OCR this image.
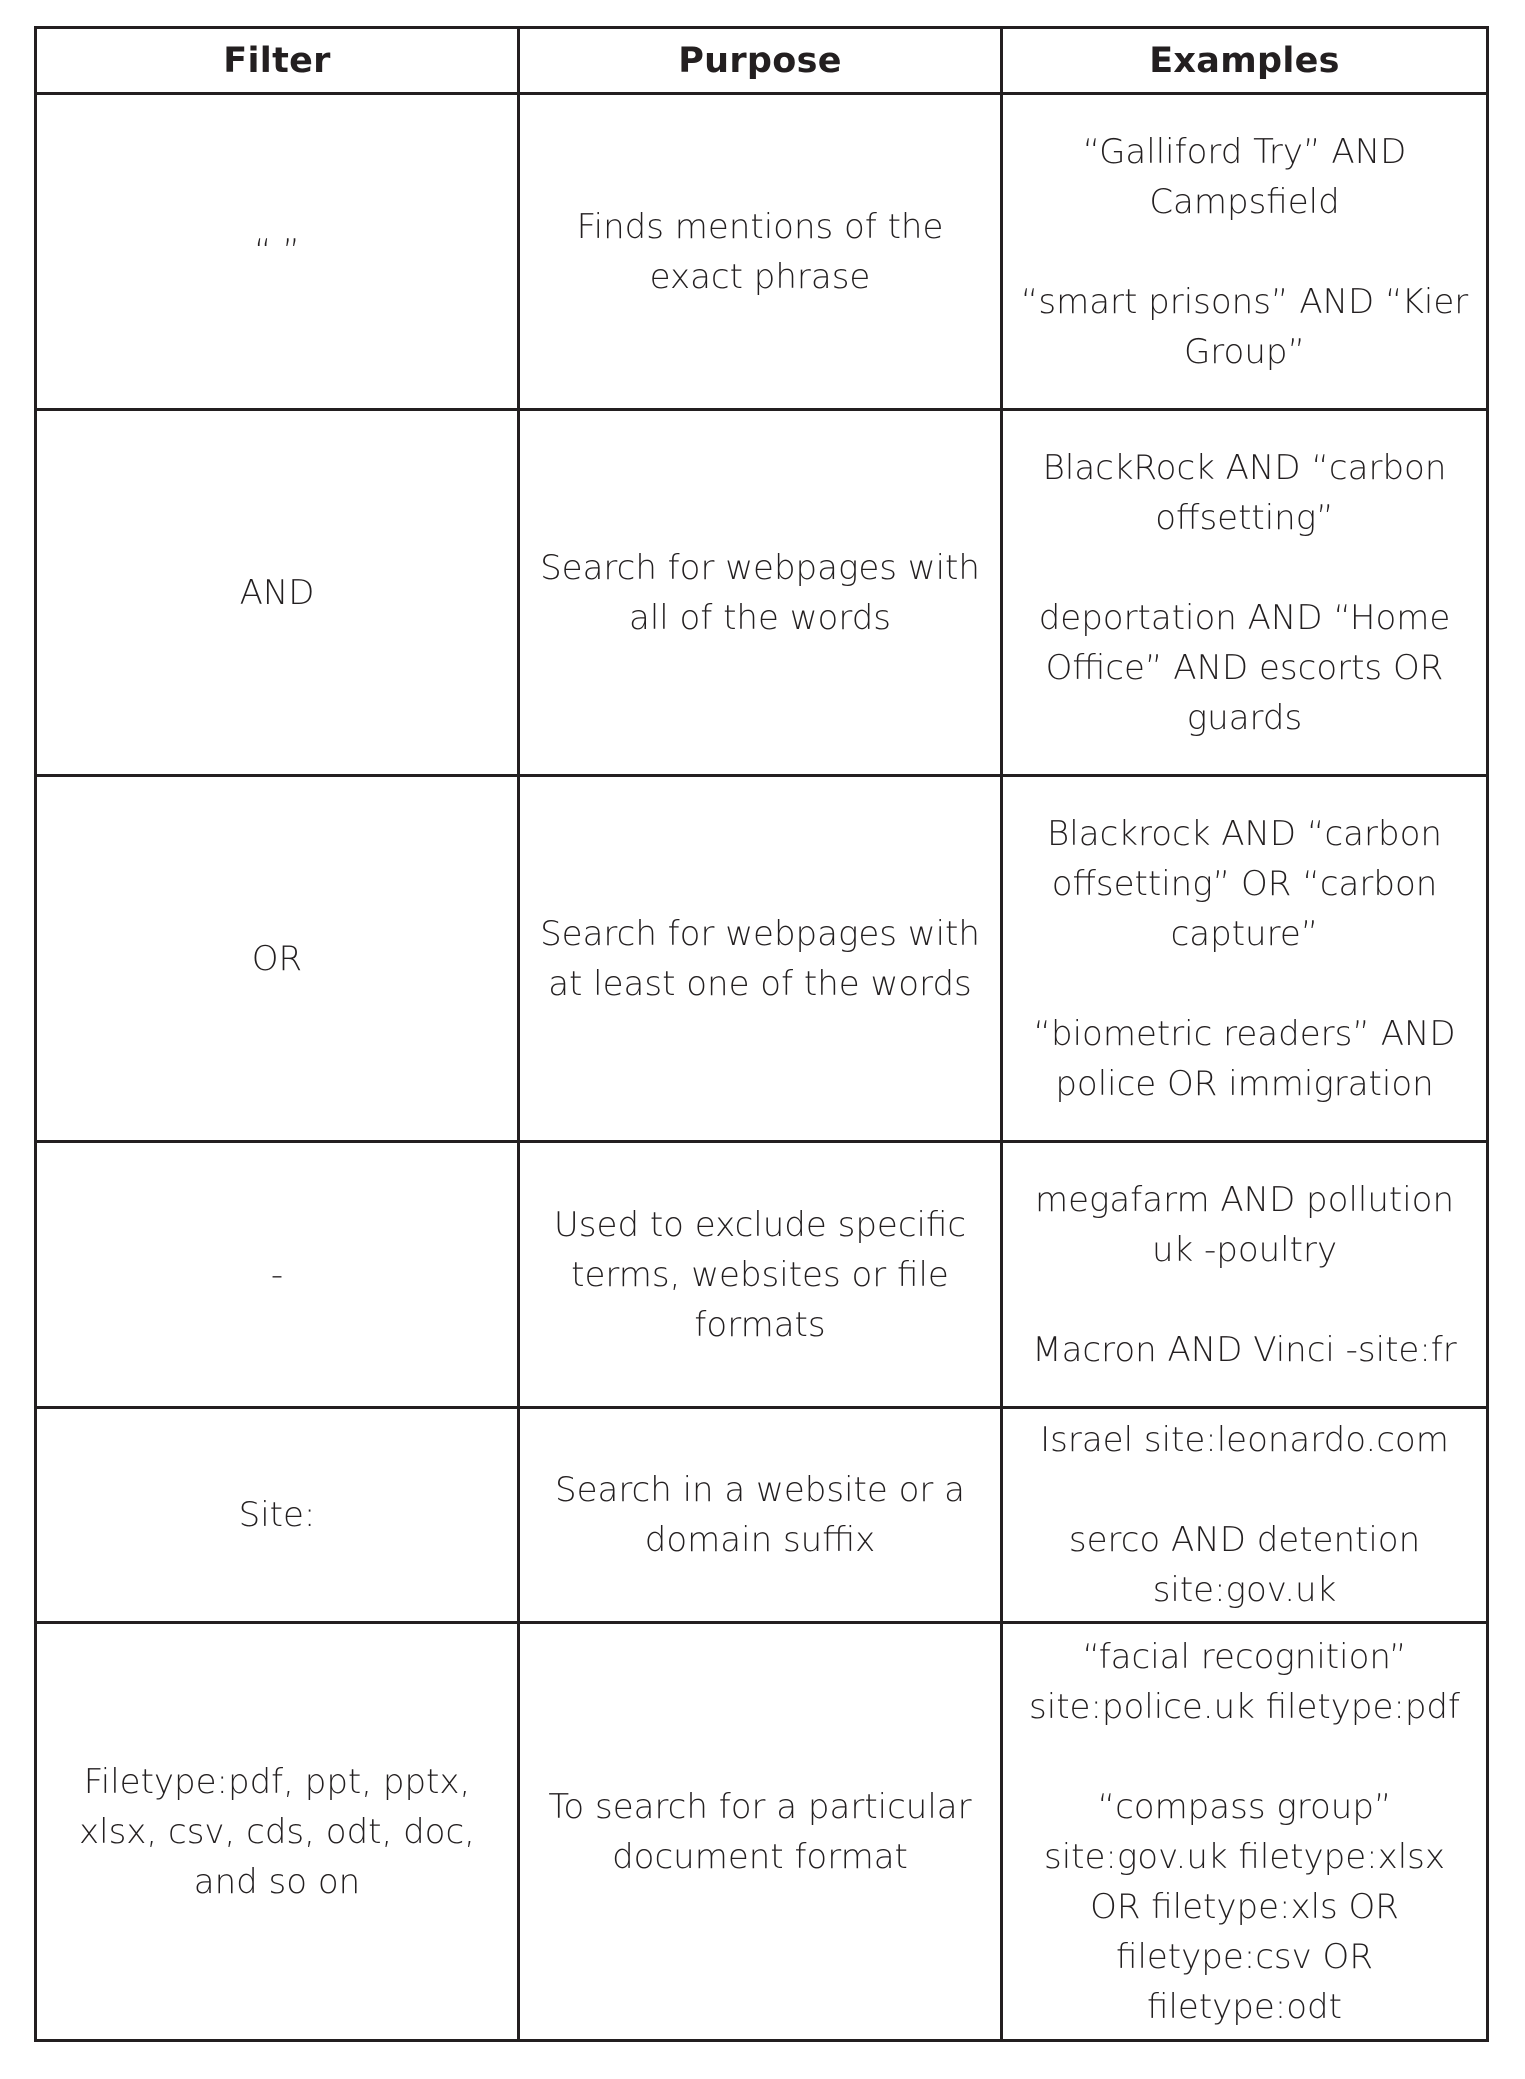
Filter	Purpose	Examples
“ ”	Finds mentions of the exact phrase	“Galliford Try” AND Campsfield

“smart prisons” AND “Kier Group”

AND	Search for webpages with all of the words	BlackRock AND “carbon offsetting”

deportation AND “Home Office” AND escorts OR guards

OR	Search for webpages with at least one of the words	Blackrock AND “carbon offsetting” OR “carbon capture”

“biometric readers” AND police OR immigration

-	Used to exclude specific terms, websites or file formats	megafarm AND pollution uk -poultry

Macron AND Vinci -site:fr

Site:	Search in a website or a domain suffix	Israel site:leonardo.com

serco AND detention site:gov.uk

Filetype:pdf, ppt, pptx, xlsx, csv, cds, odt, doc, and so on	To search for a particular document format	“facial recognition” site:police.uk filetype:pdf

“compass group” site:gov.uk filetype:xlsx OR filetype:xls OR filetype:csv OR filetype:odt
